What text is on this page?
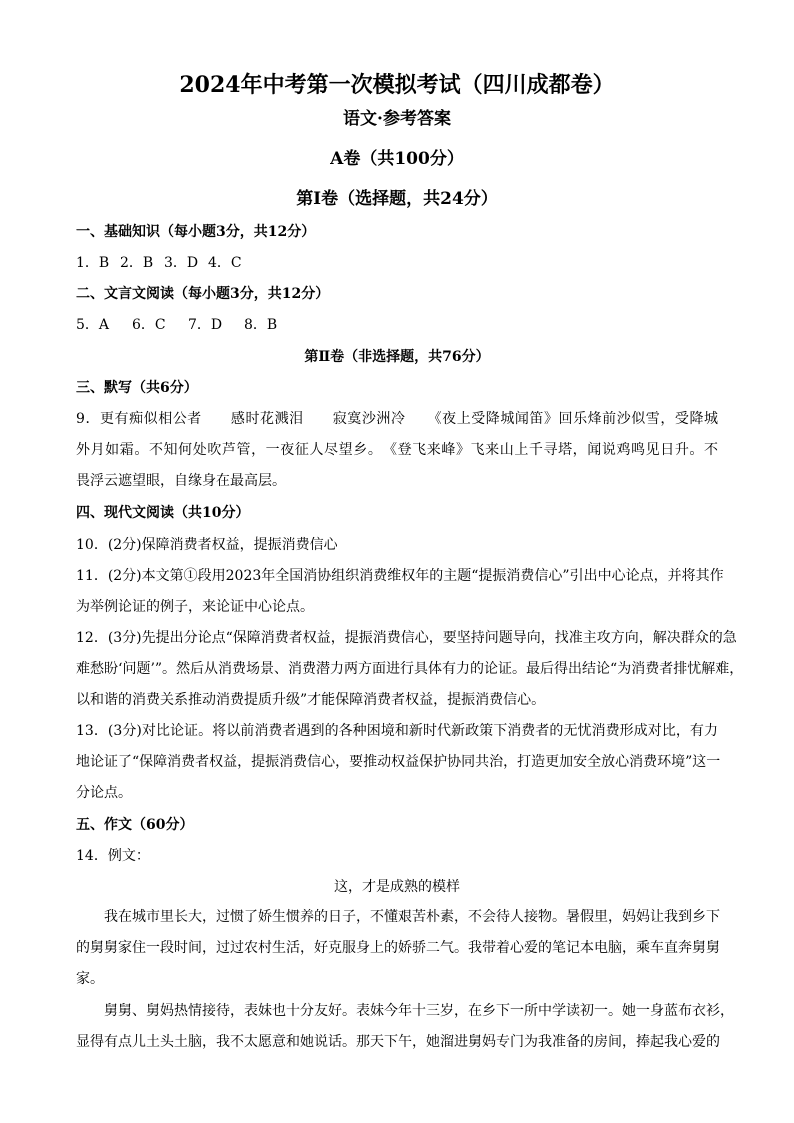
2024年中考第一次模拟考试（四川成都卷）
语文·参考答案
A卷（共100分）
第Ⅰ卷（选择题，共24分）
一、基础知识（每小题3分，共12分）
1．B 2．B 3．D 4．C
二、文言文阅读（每小题3分，共12分）
5．A 6．C 7．D 8．B
第Ⅱ卷（非选择题，共76分）
三、默写（共6分）
9．更有痴似相公者　　感时花溅泪　　寂寞沙洲冷　　《夜上受降城闻笛》回乐烽前沙似雪，受降城
外月如霜。不知何处吹芦管，一夜征人尽望乡。　《登飞来峰》飞来山上千寻塔，闻说鸡鸣见日升。不
畏浮云遮望眼，自缘身在最高层。
四、现代文阅读（共10分）
10．(2分)保障消费者权益，提振消费信心
11．(2分)本文第①段用2023年全国消协组织消费维权年的主题“提振消费信心”引出中心论点，并将其作
为举例论证的例子，来论证中心论点。
12．(3分)先提出分论点“保障消费者权益，提振消费信心，要坚持问题导向，找准主攻方向，解决群众的急
难愁盼‘问题’”。然后从消费场景、消费潜力两方面进行具体有力的论证。最后得出结论“为消费者排忧解难，
以和谐的消费关系推动消费提质升级”才能保障消费者权益，提振消费信心。
13．(3分)对比论证。将以前消费者遇到的各种困境和新时代新政策下消费者的无忧消费形成对比，有力
地论证了“保障消费者权益，提振消费信心，要推动权益保护协同共治，打造更加安全放心消费环境”这一
分论点。
五、作文（60分）
14．例文：
这，才是成熟的模样
　　我在城市里长大，过惯了娇生惯养的日子，不懂艰苦朴素，不会待人接物。暑假里，妈妈让我到乡下
的舅舅家住一段时间，过过农村生活，好克服身上的娇骄二气。我带着心爱的笔记本电脑，乘车直奔舅舅
家。
　　舅舅、舅妈热情接待，表妹也十分友好。表妹今年十三岁，在乡下一所中学读初一。她一身蓝布衣衫，
显得有点儿土头土脑，我不太愿意和她说话。那天下午，她溜进舅妈专门为我准备的房间，捧起我心爱的
